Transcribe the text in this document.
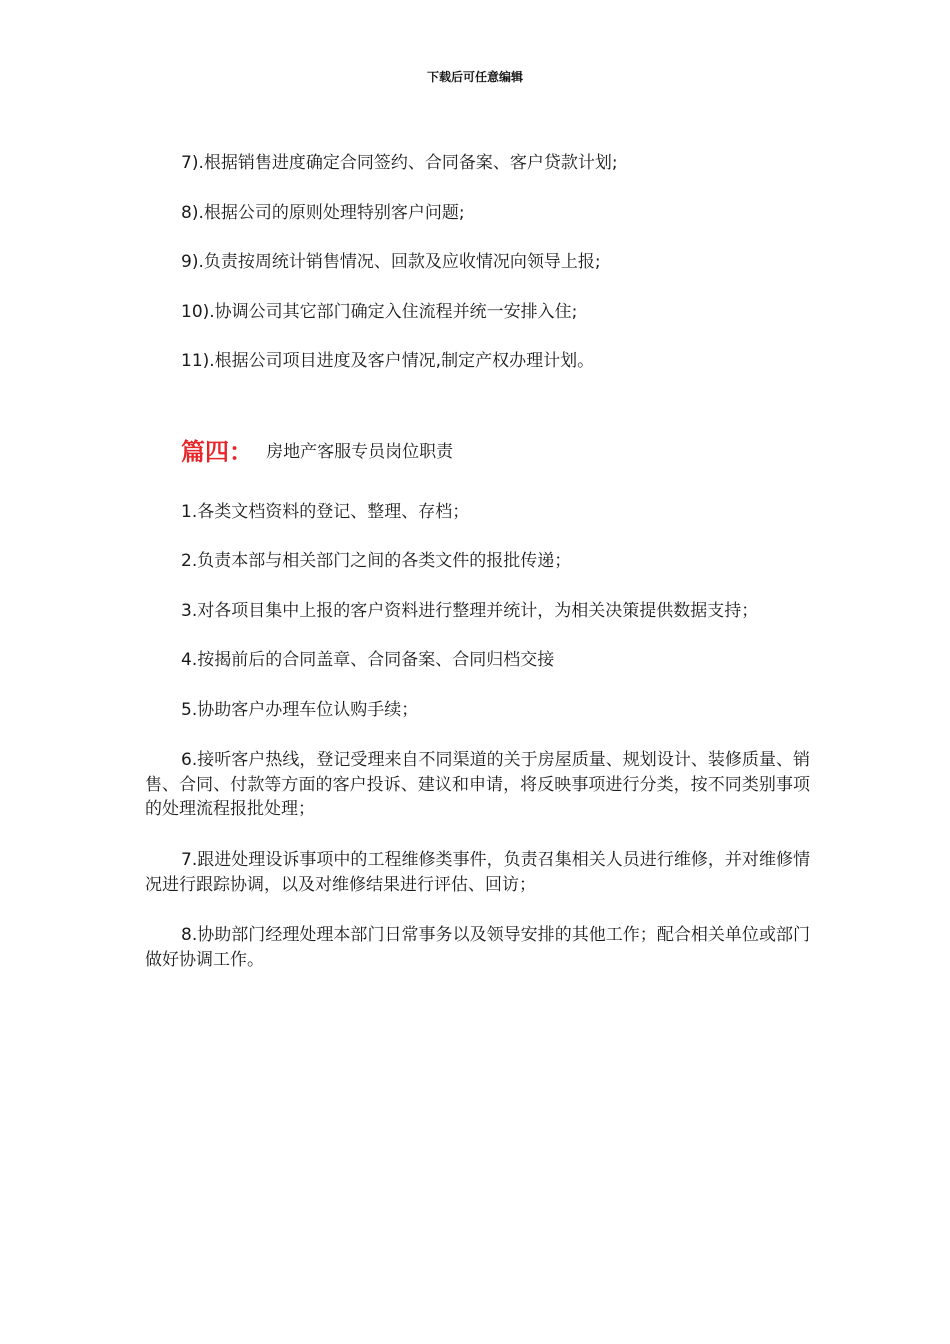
下载后可任意编辑
7).根据销售进度确定合同签约、合同备案、客户贷款计划;
8).根据公司的原则处理特别客户问题;
9).负责按周统计销售情况、回款及应收情况向领导上报;
10).协调公司其它部门确定入住流程并统一安排入住;
11).根据公司项目进度及客户情况,制定产权办理计划。
篇四： 房地产客服专员岗位职责
1.各类文档资料的登记、整理、存档；
2.负责本部与相关部门之间的各类文件的报批传递；
3.对各项目集中上报的客户资料进行整理并统计，为相关决策提供数据支持；
4.按揭前后的合同盖章、合同备案、合同归档交接
5.协助客户办理车位认购手续；
6.接听客户热线，登记受理来自不同渠道的关于房屋质量、规划设计、装修质量、销售、合同、付款等方面的客户投诉、建议和申请，将反映事项进行分类，按不同类别事项的处理流程报批处理；
7.跟进处理设诉事项中的工程维修类事件，负责召集相关人员进行维修，并对维修情况进行跟踪协调，以及对维修结果进行评估、回访；
8.协助部门经理处理本部门日常事务以及领导安排的其他工作；配合相关单位或部门做好协调工作。
